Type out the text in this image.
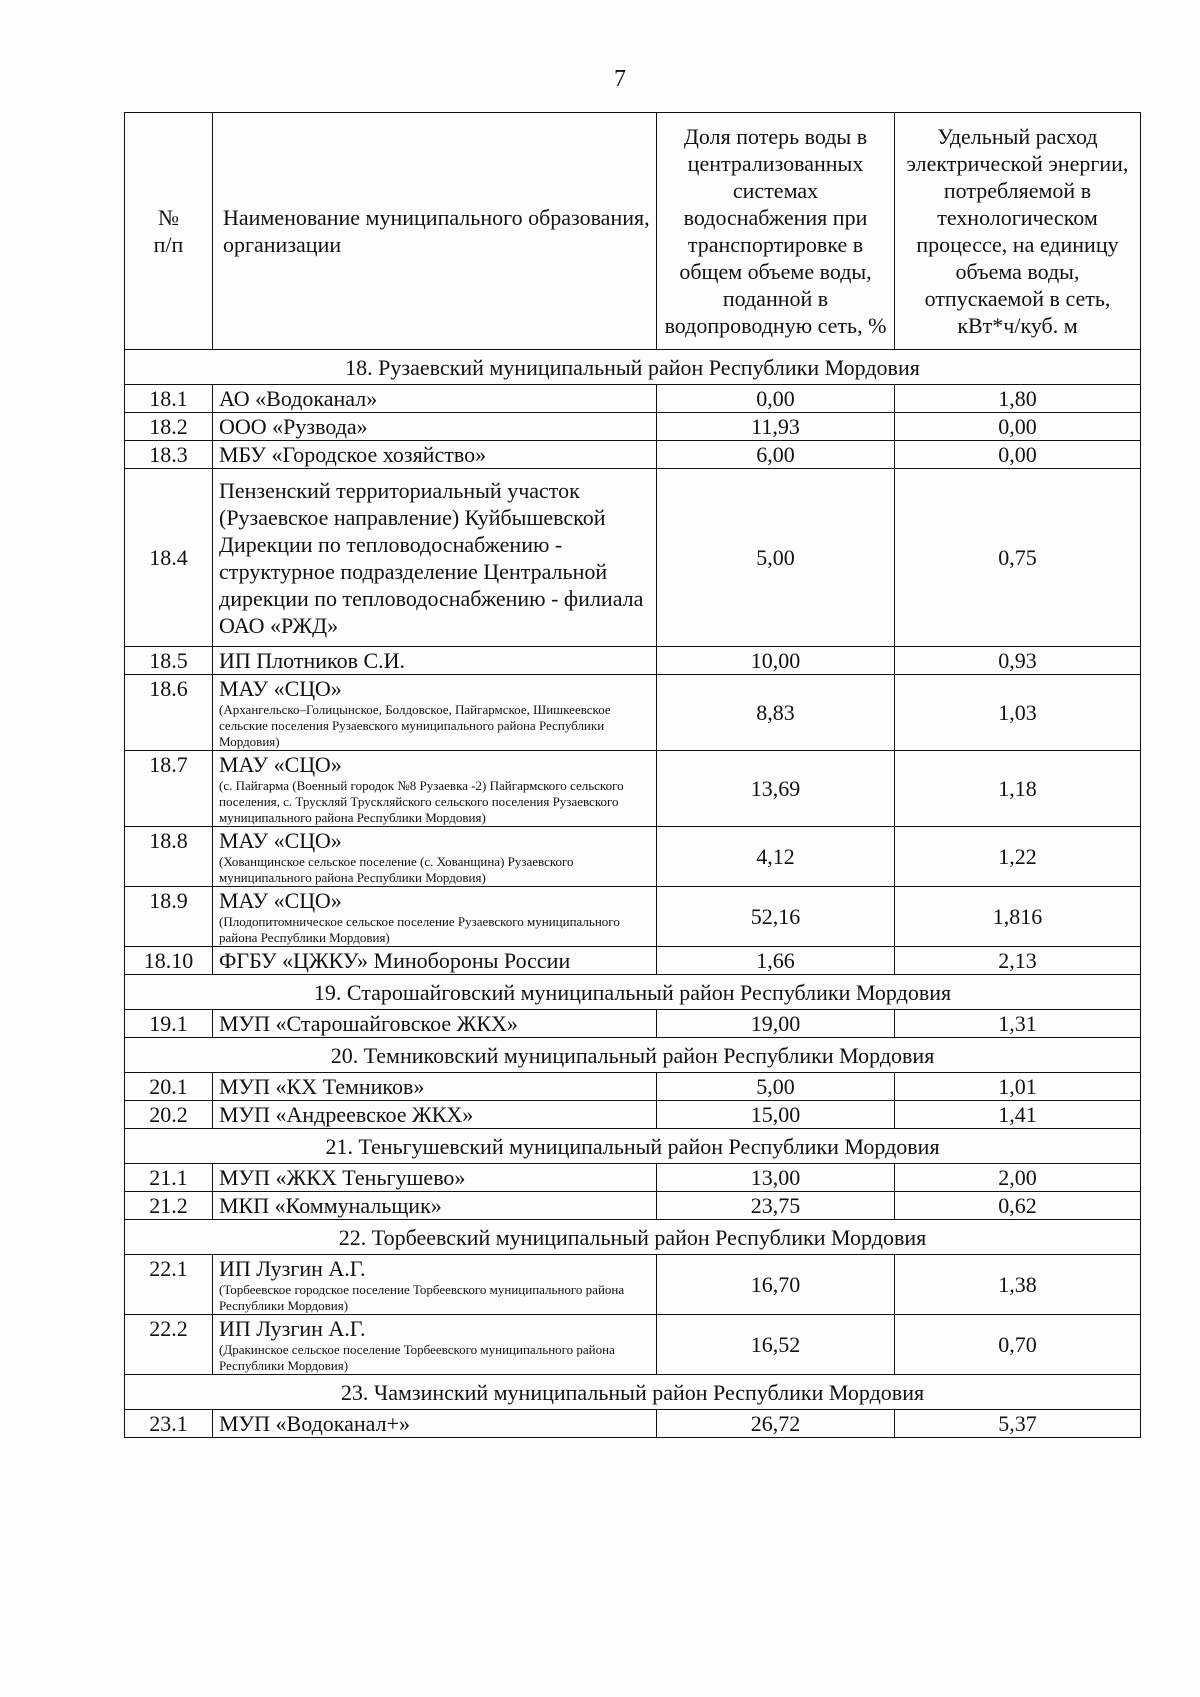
7
№ п/п	Наименование муниципального образования, организации	Доля потерь воды в централизованных системах водоснабжения при транспортировке в общем объеме воды, поданной в водопроводную сеть, %	Удельный расход электрической энергии, потребляемой в технологическом процессе, на единицу объема воды, отпускаемой в сеть, кВт*ч/куб. м
18. Рузаевский муниципальный район Республики Мордовия			
18.1	АО «Водоканал»	0,00	1,80
18.2	ООО «Рузвода»	11,93	0,00
18.3	МБУ «Городское хозяйство»	6,00	0,00
18.4	Пензенский территориальный участок (Рузаевское направление) Куйбышевской Дирекции по тепловодоснабжению - структурное подразделение Центральной дирекции по тепловодоснабжению - филиала ОАО «РЖД»	5,00	0,75
18.5	ИП Плотников С.И.	10,00	0,93
18.6	МАУ «СЦО»
(Архангельско–Голицынское, Болдовское, Пайгармское, Шишкеевское сельские поселения Рузаевского муниципального района Республики Мордовия)	8,83	1,03
18.7	МАУ «СЦО»
(с. Пайгарма (Военный городок №8 Рузаевка -2) Пайгармского сельского поселения, с. Трускляй Трускляйского сельского поселения Рузаевского муниципального района Республики Мордовия)	13,69	1,18
18.8	МАУ «СЦО»
(Хованщинское сельское поселение (с. Хованщина) Рузаевского муниципального района Республики Мордовия)	4,12	1,22
18.9	МАУ «СЦО»
(Плодопитомническое сельское поселение Рузаевского муниципального района Республики Мордовия)	52,16	1,816
18.10	ФГБУ «ЦЖКУ» Минобороны России	1,66	2,13
19. Старошайговский муниципальный район Республики Мордовия			
19.1	МУП «Старошайговское ЖКХ»	19,00	1,31
20. Темниковский муниципальный район Республики Мордовия			
20.1	МУП «КХ Темников»	5,00	1,01
20.2	МУП «Андреевское ЖКХ»	15,00	1,41
21. Теньгушевский муниципальный район Республики Мордовия			
21.1	МУП «ЖКХ Теньгушево»	13,00	2,00
21.2	МКП «Коммунальщик»	23,75	0,62
22. Торбеевский муниципальный район Республики Мордовия			
22.1	ИП Лузгин А.Г.
(Торбеевское городское поселение Торбеевского муниципального района Республики Мордовия)	16,70	1,38
22.2	ИП Лузгин А.Г.
(Дракинское сельское поселение Торбеевского муниципального района Республики Мордовия)	16,52	0,70
23. Чамзинский муниципальный район Республики Мордовия			
23.1	МУП «Водоканал+»	26,72	5,37
